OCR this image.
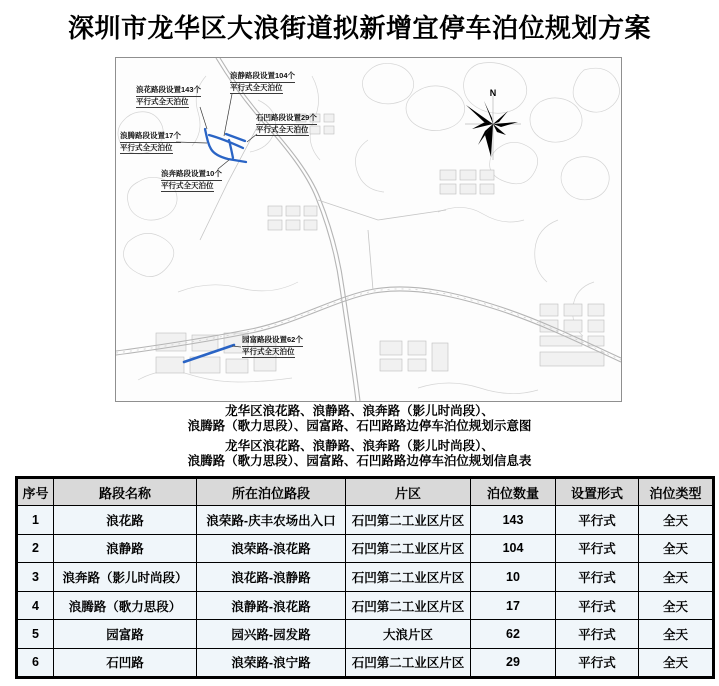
深圳市龙华区大浪街道拟新增宜停车泊位规划方案
N
浪静路段设置104个
平行式全天泊位
浪花路段设置143个
平行式全天泊位
石凹路段设置29个
平行式全天泊位
浪腾路段设置17个
平行式全天泊位
浪奔路段设置10个
平行式全天泊位
园富路段设置62个
平行式全天泊位
龙华区浪花路、浪静路、浪奔路（影儿时尚段）、
浪腾路（歌力思段）、园富路、石凹路路边停车泊位规划示意图
龙华区浪花路、浪静路、浪奔路（影儿时尚段）、
浪腾路（歌力思段）、园富路、石凹路路边停车泊位规划信息表
序号	路段名称	所在泊位路段	片区	泊位数量	设置形式	泊位类型
1	浪花路	浪荣路-庆丰农场出入口	石凹第二工业区片区	143	平行式	全天
2	浪静路	浪荣路-浪花路	石凹第二工业区片区	104	平行式	全天
3	浪奔路（影儿时尚段）	浪花路-浪静路	石凹第二工业区片区	10	平行式	全天
4	浪腾路（歌力思段）	浪静路-浪花路	石凹第二工业区片区	17	平行式	全天
5	园富路	园兴路-园发路	大浪片区	62	平行式	全天
6	石凹路	浪荣路-浪宁路	石凹第二工业区片区	29	平行式	全天
